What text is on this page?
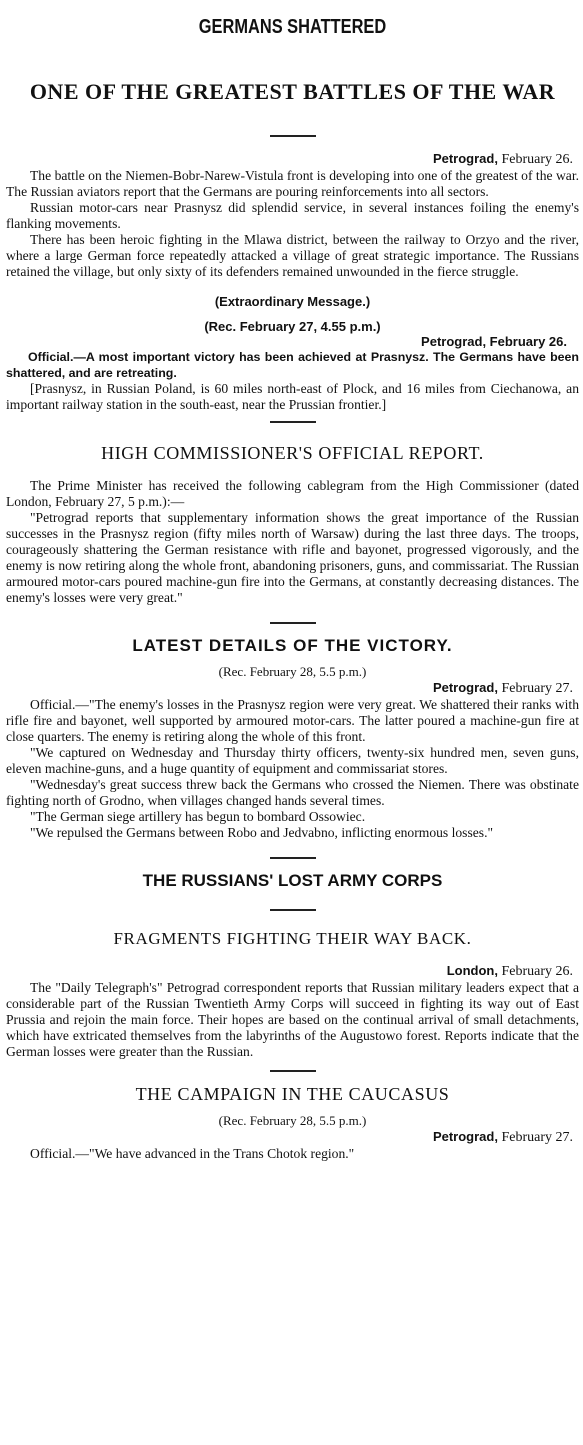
GERMANS SHATTERED
ONE OF THE GREATEST BATTLES OF THE WAR

Petrograd, February 26.

The battle on the Niemen-Bobr-Narew-Vistula front is developing into one of the greatest of the war. The Russian aviators report that the Germans are pouring reinforcements into all sectors.

Russian motor-cars near Prasnysz did splendid service, in several instances foiling the enemy's flanking movements.

There has been heroic fighting in the Mlawa district, between the railway to Orzyo and the river, where a large German force repeatedly attacked a village of great strategic importance. The Russians retained the village, but only sixty of its defenders remained unwounded in the fierce struggle.

(Extraordinary Message.)

(Rec. February 27, 4.55 p.m.)

Petrograd, February 26.

Official.—A most important victory has been achieved at Prasnysz. The Germans have been shattered, and are retreating.

[Prasnysz, in Russian Poland, is 60 miles north-east of Plock, and 16 miles from Ciechanowa, an important railway station in the south-east, near the Prussian frontier.]

HIGH COMMISSIONER'S OFFICIAL REPORT.

The Prime Minister has received the following cablegram from the High Commissioner (dated London, February 27, 5 p.m.):—

"Petrograd reports that supplementary information shows the great importance of the Russian successes in the Prasnysz region (fifty miles north of Warsaw) during the last three days. The troops, courageously shattering the German resistance with rifle and bayonet, progressed vigorously, and the enemy is now retiring along the whole front, abandoning prisoners, guns, and commissariat. The Russian armoured motor-cars poured machine-gun fire into the Germans, at constantly decreasing distances. The enemy's losses were very great."

LATEST DETAILS OF THE VICTORY.

(Rec. February 28, 5.5 p.m.)

Petrograd, February 27.

Official.—"The enemy's losses in the Prasnysz region were very great. We shattered their ranks with rifle fire and bayonet, well supported by armoured motor-cars. The latter poured a machine-gun fire at close quarters. The enemy is retiring along the whole of this front.

"We captured on Wednesday and Thursday thirty officers, twenty-six hundred men, seven guns, eleven machine-guns, and a huge quantity of equipment and commissariat stores.

"Wednesday's great success threw back the Germans who crossed the Niemen. There was obstinate fighting north of Grodno, when villages changed hands several times.

"The German siege artillery has begun to bombard Ossowiec.

"We repulsed the Germans between Robo and Jedvabno, inflicting enormous losses."

THE RUSSIANS' LOST ARMY CORPS
FRAGMENTS FIGHTING THEIR WAY BACK.

London, February 26.

The "Daily Telegraph's" Petrograd correspondent reports that Russian military leaders expect that a considerable part of the Russian Twentieth Army Corps will succeed in fighting its way out of East Prussia and rejoin the main force. Their hopes are based on the continual arrival of small detachments, which have extricated themselves from the labyrinths of the Augustowo forest. Reports indicate that the German losses were greater than the Russian.

THE CAMPAIGN IN THE CAUCASUS

(Rec. February 28, 5.5 p.m.)

Petrograd, February 27.

Official.—"We have advanced in the Trans Chotok region."
